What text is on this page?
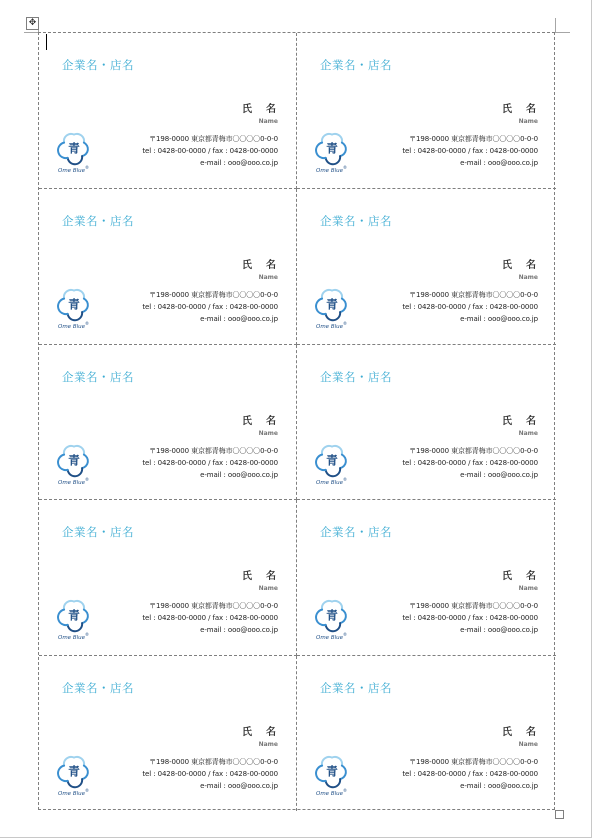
✥
企業名・店名
氏　名
Name
青
Ome Blue®
〒198-0000 東京都青梅市〇〇〇〇0-0-0
tel : 0428-00-0000 / fax : 0428-00-0000
e-mail : ooo@ooo.co.jp
企業名・店名
氏　名
Name
青
Ome Blue®
〒198-0000 東京都青梅市〇〇〇〇0-0-0
tel : 0428-00-0000 / fax : 0428-00-0000
e-mail : ooo@ooo.co.jp
企業名・店名
氏　名
Name
青
Ome Blue®
〒198-0000 東京都青梅市〇〇〇〇0-0-0
tel : 0428-00-0000 / fax : 0428-00-0000
e-mail : ooo@ooo.co.jp
企業名・店名
氏　名
Name
青
Ome Blue®
〒198-0000 東京都青梅市〇〇〇〇0-0-0
tel : 0428-00-0000 / fax : 0428-00-0000
e-mail : ooo@ooo.co.jp
企業名・店名
氏　名
Name
青
Ome Blue®
〒198-0000 東京都青梅市〇〇〇〇0-0-0
tel : 0428-00-0000 / fax : 0428-00-0000
e-mail : ooo@ooo.co.jp
企業名・店名
氏　名
Name
青
Ome Blue®
〒198-0000 東京都青梅市〇〇〇〇0-0-0
tel : 0428-00-0000 / fax : 0428-00-0000
e-mail : ooo@ooo.co.jp
企業名・店名
氏　名
Name
青
Ome Blue®
〒198-0000 東京都青梅市〇〇〇〇0-0-0
tel : 0428-00-0000 / fax : 0428-00-0000
e-mail : ooo@ooo.co.jp
企業名・店名
氏　名
Name
青
Ome Blue®
〒198-0000 東京都青梅市〇〇〇〇0-0-0
tel : 0428-00-0000 / fax : 0428-00-0000
e-mail : ooo@ooo.co.jp
企業名・店名
氏　名
Name
青
Ome Blue®
〒198-0000 東京都青梅市〇〇〇〇0-0-0
tel : 0428-00-0000 / fax : 0428-00-0000
e-mail : ooo@ooo.co.jp
企業名・店名
氏　名
Name
青
Ome Blue®
〒198-0000 東京都青梅市〇〇〇〇0-0-0
tel : 0428-00-0000 / fax : 0428-00-0000
e-mail : ooo@ooo.co.jp
